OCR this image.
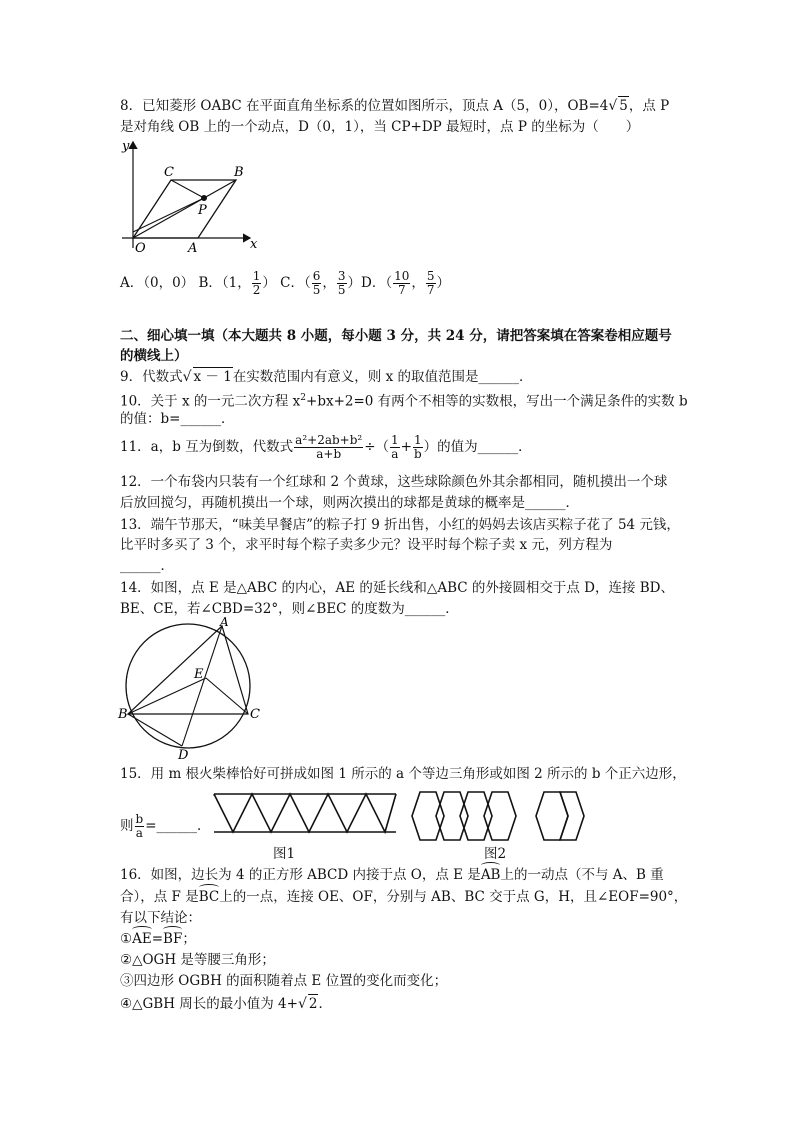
8．已知菱形 OABC 在平面直角坐标系的位置如图所示，顶点 A（5，0），OB=4√ 5，点 P
是对角线 OB 上的一个动点，D（0，1），当 CP+DP 最短时，点 P 的坐标为（　　）
y
x
O	A
B
C
P
A．（0，0） B．（1， $\frac{1}{2}$ ） C．（ $\frac{6}{5}$ ， $\frac{3}{5} )D$．（ $\frac{10}{7}$ ， $\frac{5}{7}$ ）
二、细心填一填（本大题共 8 小题，每小题 3 分，共 24 分，请把答案填在答案卷相应题号
的横线上）
9．代数式√ x － 1在实数范围内有意义，则 x 的取值范围是______．
10．关于 x 的一元二次方程 $x^2+bx+2=0$ 有两个不相等的实数根，写出一个满足条件的实数 b
的值：b=______．
11．a，b 互为倒数，代数式 $\frac{\text{a²+2ab+b²}}{a+b}$ ÷（ $\frac{1}{a} + \frac{1}{b}$ ）的值为______．
12．一个布袋内只装有一个红球和 2 个黄球，这些球除颜色外其余都相同，随机摸出一个球
后放回搅匀，再随机摸出一个球，则两次摸出的球都是黄球的概率是______．
13．端午节那天，“味美早餐店”的粽子打 9 折出售，小红的妈妈去该店买粽子花了 54 元钱，
比平时多买了 3 个，求平时每个粽子卖多少元？设平时每个粽子卖 x 元，列方程为
______．
14．如图，点 E 是△ABC 的内心，AE 的延长线和△ABC 的外接圆相交于点 D，连接 BD、
BE、CE，若∠CBD=32°，则∠BEC 的度数为______．
A
B	C
D
E
15．用 m 根火柴棒恰好可拼成如图 1 所示的 a 个等边三角形或如图 2 所示的 b 个正六边形，
则 $\frac{b}{a}$ =______．
图1	图2
16．如图，边长为 4 的正方形 ABCD 内接于点 O，点 E 是AB上的一动点（不与 A、B 重
合），点 F 是BC上的一点，连接 OE、OF，分别与 AB、BC 交于点 G，H，且∠EOF=90°，
有以下结论：
①AE=BF；
②△OGH 是等腰三角形；
③四边形 OGBH 的面积随着点 E 位置的变化而变化；
④△GBH 周长的最小值为 4+√ 2．
